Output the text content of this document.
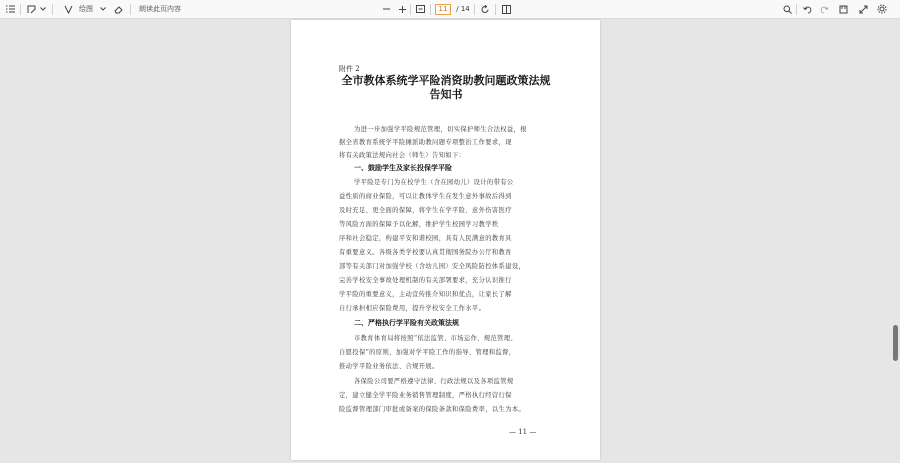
绘图	朗读此页内容	11	/ 14
附件 2
全市教体系统学平险消资助教问题政策法规
告知书
为进一步加强学平险规范管理，切实保护师生合法权益，根
据全省教育系统学平险摊派助教问题专项整治工作要求，现
将有关政策法规向社会（师生）告知如下：
一、鼓励学生及家长投保学平险
学平险是专门为在校学生（含在园幼儿）设计的带有公
益性质的商业保险，可以让教体学生在发生意外事故后得到
及时充足、更全面的保障，将学生在学平险、意外伤害医疗
等风险方面的保障予以化解，维护学生校园学习教学秩
序和社会稳定，构建平安和谐校园，具有人民满意的教育具
有重要意义。各级各类学校要认真贯彻国务院办公厅和教育
部等有关部门对加强学校（含幼儿园）安全风险防控体系建设，
完善学校安全事故处理机制的有关部署要求，充分认识推行
学平险的重要意义，主动宣传推介知识和优点，让家长了解
自行承担相应保险费用，提升学校安全工作水平。
二、严格执行学平险有关政策法规
市教育体育局将按照“依法监管、市场运作、规范管理、
自愿投保”的原则，加强对学平险工作的指导、管理和监督，
推动学平险业务依法、合规开展。
各保险公司要严格遵守法律、行政法规以及各项监管规
定，建立健全学平险业务销售管理制度，严格执行经营行保
险监督管理部门审批或备案的保险条款和保险费率，以生为本。
— 11 —
